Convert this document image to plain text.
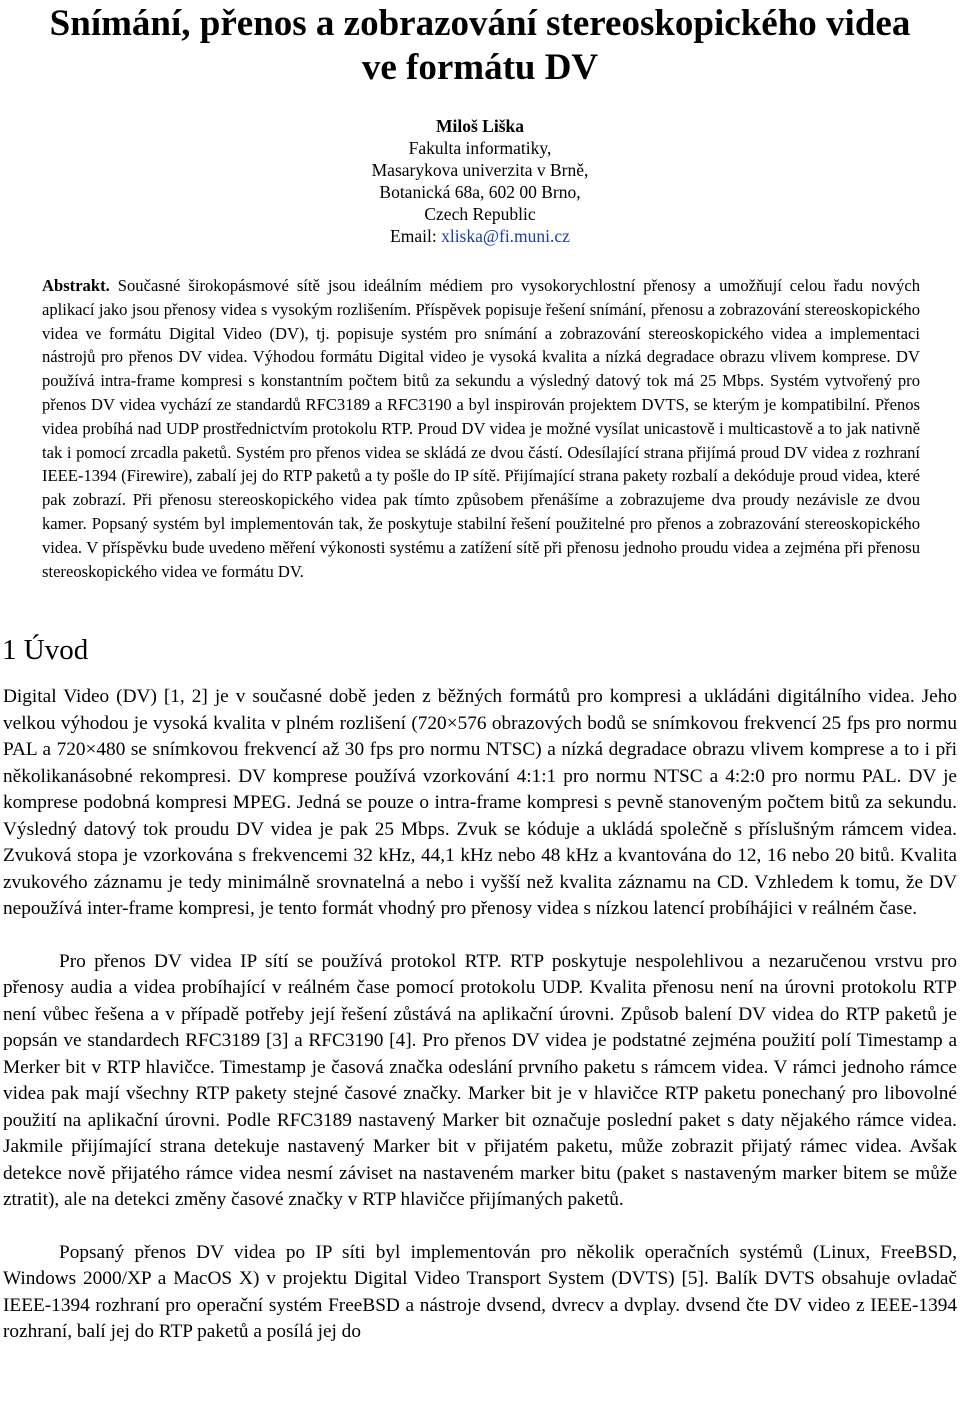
Snímání, přenos a zobrazování stereoskopického videa
ve formátu DV
Miloš Liška
Fakulta informatiky,
Masarykova univerzita v Brně,
Botanická 68a, 602 00 Brno,
Czech Republic
Email: xliska@fi.muni.cz

Abstrakt. Současné širokopásmové sítě jsou ideálním médiem pro vysokorychlostní přenosy a umožňují celou řadu nových aplikací jako jsou přenosy videa s vysokým rozlišením. Příspěvek popisuje řešení snímání, přenosu a zobrazování stereoskopického videa ve formátu Digital Video (DV), tj. popisuje systém pro snímání a zobrazování stereoskopického videa a implementaci nástrojů pro přenos DV videa. Výhodou formátu Digital video je vysoká kvalita a nízká degradace obrazu vlivem komprese. DV používá intra-frame kompresi s konstantním počtem bitů za sekundu a výsledný datový tok má 25 Mbps. Systém vytvořený pro přenos DV videa vychází ze standardů RFC3189 a RFC3190 a byl inspirován projektem DVTS, se kterým je kompatibilní. Přenos videa probíhá nad UDP prostřednictvím protokolu RTP. Proud DV videa je možné vysílat unicastově i multicastově a to jak nativně tak i pomocí zrcadla paketů. Systém pro přenos videa se skládá ze dvou částí. Odesílající strana přijímá proud DV videa z rozhraní IEEE-1394 (Firewire), zabalí jej do RTP paketů a ty pošle do IP sítě. Přijímající strana pakety rozbalí a dekóduje proud videa, které pak zobrazí. Při přenosu stereoskopického videa pak tímto způsobem přenášíme a zobrazujeme dva proudy nezávisle ze dvou kamer. Popsaný systém byl implementován tak, že poskytuje stabilní řešení použitelné pro přenos a zobrazování stereoskopického videa. V příspěvku bude uvedeno měření výkonosti systému a zatížení sítě při přenosu jednoho proudu videa a zejména při přenosu stereoskopického videa ve formátu DV.

1 Úvod

Digital Video (DV) [1, 2] je v současné době jeden z běžných formátů pro kompresi a ukládáni digitálního videa. Jeho velkou výhodou je vysoká kvalita v plném rozlišení (720×576 obrazových bodů se snímkovou frekvencí 25 fps pro normu PAL a 720×480 se snímkovou frekvencí až 30 fps pro normu NTSC) a nízká degradace obrazu vlivem komprese a to i při několikanásobné rekompresi. DV komprese používá vzorkování 4:1:1 pro normu NTSC a 4:2:0 pro normu PAL. DV je komprese podobná kompresi MPEG. Jedná se pouze o intra-frame kompresi s pevně stanoveným počtem bitů za sekundu. Výsledný datový tok proudu DV videa je pak 25 Mbps. Zvuk se kóduje a ukládá společně s příslušným rámcem videa. Zvuková stopa je vzorkována s frekvencemi 32 kHz, 44,1 kHz nebo 48 kHz a kvantována do 12, 16 nebo 20 bitů. Kvalita zvukového záznamu je tedy minimálně srovnatelná a nebo i vyšší než kvalita záznamu na CD. Vzhledem k tomu, že DV nepoužívá inter-frame kompresi, je tento formát vhodný pro přenosy videa s nízkou latencí probíhájici v reálném čase.

Pro přenos DV videa IP sítí se používá protokol RTP. RTP poskytuje nespolehlivou a nezaručenou vrstvu pro přenosy audia a videa probíhající v reálném čase pomocí protokolu UDP. Kvalita přenosu není na úrovni protokolu RTP není vůbec řešena a v případě potřeby její řešení zůstává na aplikační úrovni. Způsob balení DV videa do RTP paketů je popsán ve standardech RFC3189 [3] a RFC3190 [4]. Pro přenos DV videa je podstatné zejména použití polí Timestamp a Merker bit v RTP hlavičce. Timestamp je časová značka odeslání prvního paketu s rámcem videa. V rámci jednoho rámce videa pak mají všechny RTP pakety stejné časové značky. Marker bit je v hlavičce RTP paketu ponechaný pro libovolné použití na aplikační úrovni. Podle RFC3189 nastavený Marker bit označuje poslední paket s daty nějakého rámce videa. Jakmile přijímající strana detekuje nastavený Marker bit v přijatém paketu, může zobrazit přijatý rámec videa. Avšak detekce nově přijatého rámce videa nesmí záviset na nastaveném marker bitu (paket s nastaveným marker bitem se může ztratit), ale na detekci změny časové značky v RTP hlavičce přijímaných paketů.

Popsaný přenos DV videa po IP síti byl implementován pro několik operačních systémů (Linux, FreeBSD, Windows 2000/XP a MacOS X) v projektu Digital Video Transport System (DVTS) [5]. Balík DVTS obsahuje ovladač IEEE-1394 rozhraní pro operační systém FreeBSD a nástroje dvsend, dvrecv a dvplay. dvsend čte DV video z IEEE-1394 rozhraní, balí jej do RTP paketů a posílá jej do
